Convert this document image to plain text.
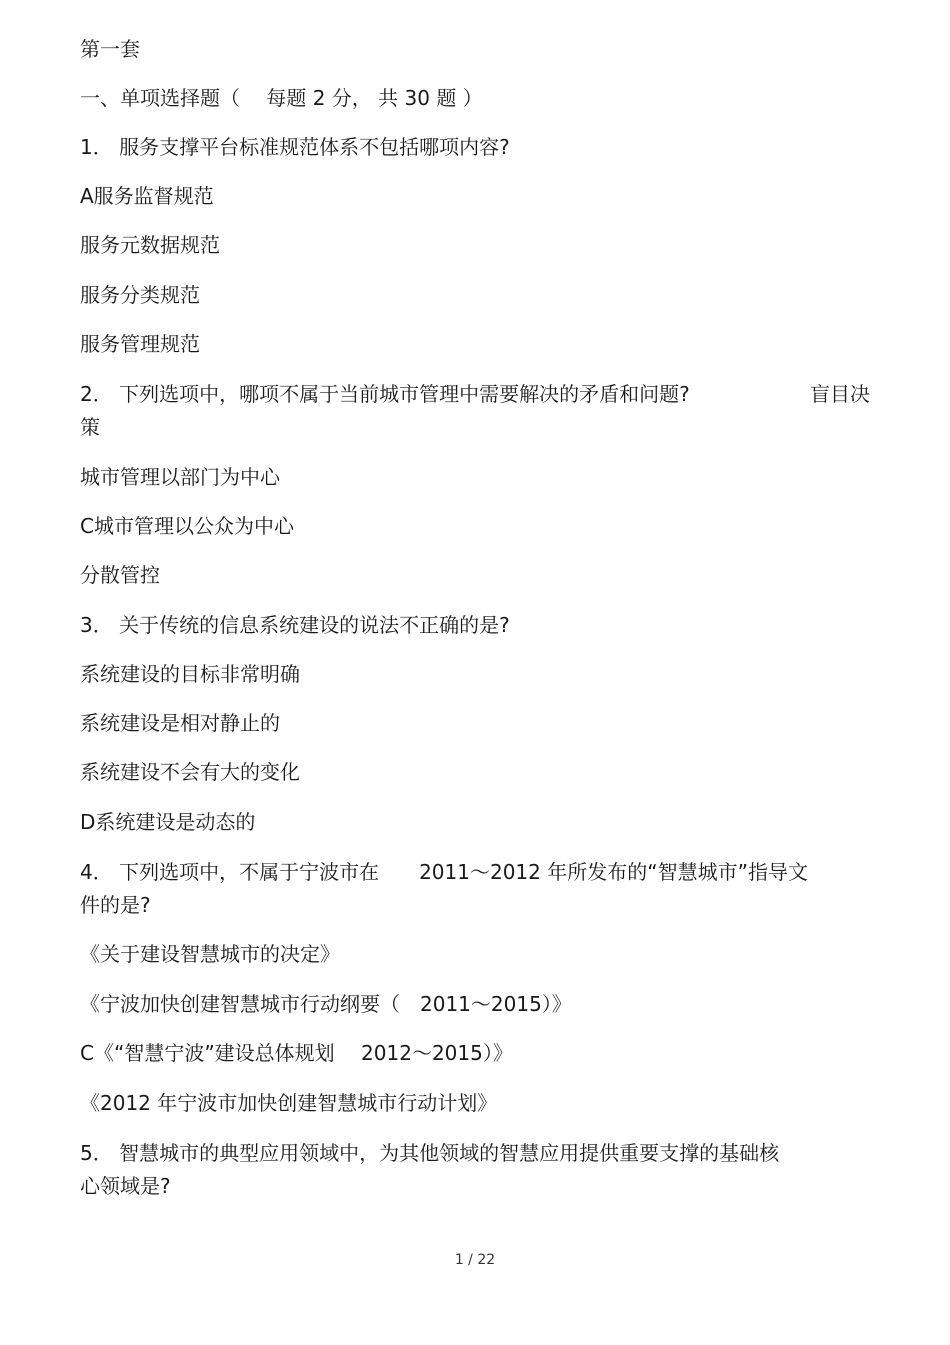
第一套
一、单项选择题（　 每题 2 分， 共 30 题 ）
1． 服务支撑平台标准规范体系不包括哪项内容?
A服务监督规范
服务元数据规范
服务分类规范
服务管理规范
2． 下列选项中，哪项不属于当前城市管理中需要解决的矛盾和问题?	盲目决
策
城市管理以部门为中心
C城市管理以公众为中心
分散管控
3． 关于传统的信息系统建设的说法不正确的是?
系统建设的目标非常明确
系统建设是相对静止的
系统建设不会有大的变化
D系统建设是动态的
4． 下列选项中，不属于宁波市在　　2011～2012 年所发布的“智慧城市”指导文
件的是?
《关于建设智慧城市的决定》
《宁波加快创建智慧城市行动纲要（　2011～2015）》
C《“智慧宁波”建设总体规划　 2012～2015）》
《2012 年宁波市加快创建智慧城市行动计划》
5． 智慧城市的典型应用领域中，为其他领域的智慧应用提供重要支撑的基础核
心领域是?
1 / 22
